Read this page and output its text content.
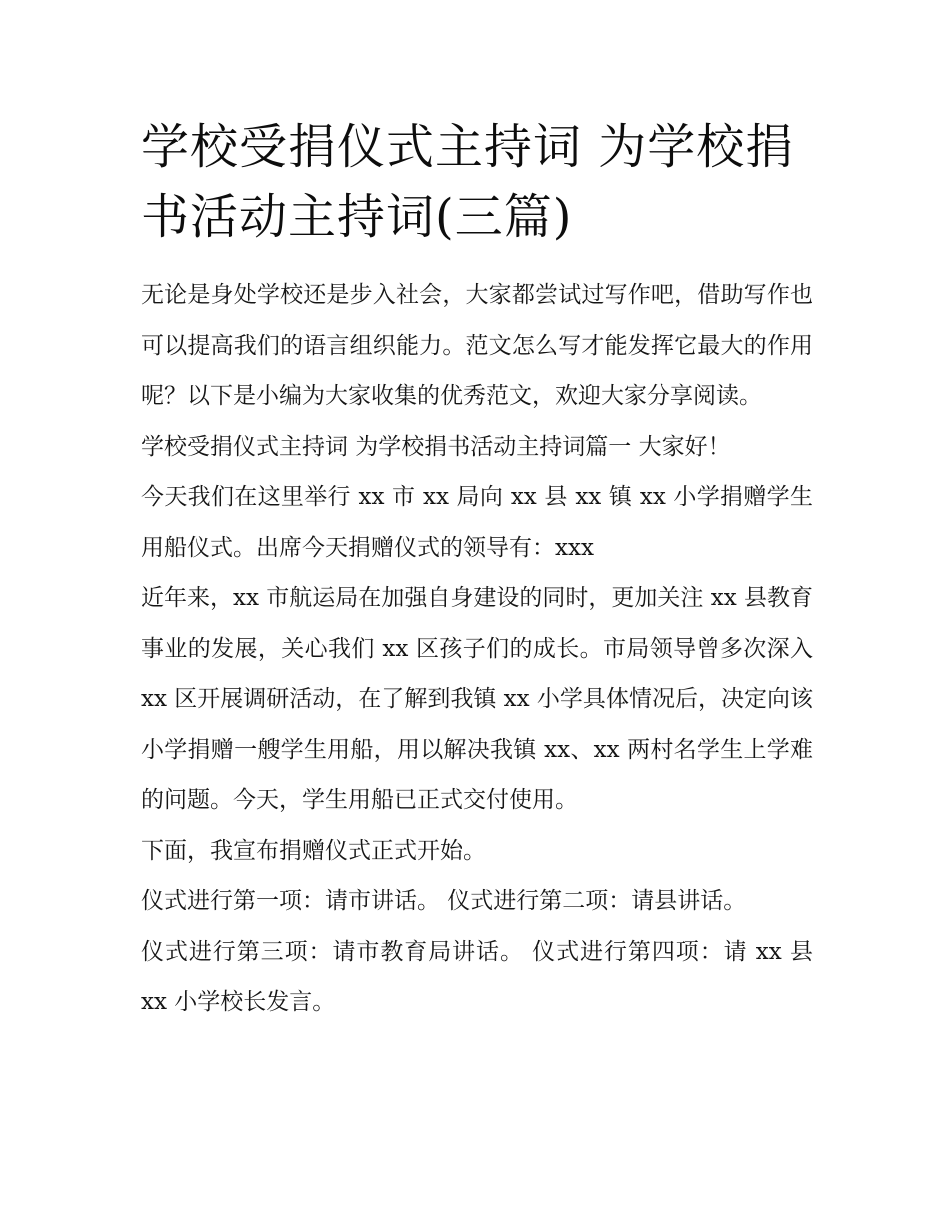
学校受捐仪式主持词 为学校捐书活动主持词(三篇)

无论是身处学校还是步入社会，大家都尝试过写作吧，借助写作也可以提高我们的语言组织能力。范文怎么写才能发挥它最大的作用呢？以下是小编为大家收集的优秀范文，欢迎大家分享阅读。

学校受捐仪式主持词 为学校捐书活动主持词篇一 大家好！

今天我们在这里举行 xx 市 xx 局向 xx 县 xx 镇 xx 小学捐赠学生用船仪式。出席今天捐赠仪式的领导有：xxx

近年来，xx 市航运局在加强自身建设的同时，更加关注 xx 县教育事业的发展，关心我们 xx 区孩子们的成长。市局领导曾多次深入 xx 区开展调研活动，在了解到我镇 xx 小学具体情况后，决定向该小学捐赠一艘学生用船，用以解决我镇 xx、xx 两村名学生上学难的问题。今天，学生用船已正式交付使用。

下面，我宣布捐赠仪式正式开始。

仪式进行第一项：请市讲话。 仪式进行第二项：请县讲话。

仪式进行第三项：请市教育局讲话。 仪式进行第四项：请 xx 县 xx 小学校长发言。
